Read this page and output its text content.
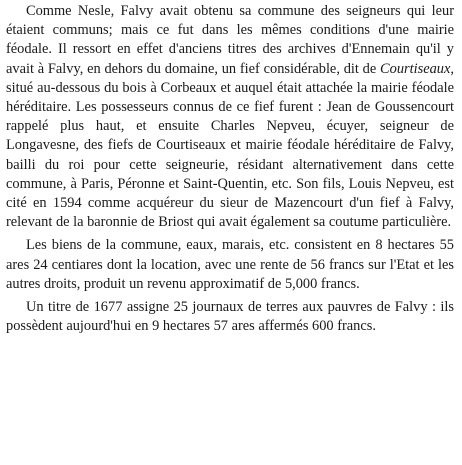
Comme Nesle, Falvy avait obtenu sa commune des seigneurs qui leur étaient communs; mais ce fut dans les mêmes conditions d'une mairie féodale. Il ressort en effet d'anciens titres des archives d'Ennemain qu'il y avait à Falvy, en dehors du domaine, un fief considérable, dit de Courtiseaux, situé au-dessous du bois à Corbeaux et auquel était attachée la mairie féodale héréditaire. Les possesseurs connus de ce fief furent : Jean de Goussencourt rappelé plus haut, et ensuite Charles Nepveu, écuyer, seigneur de Longavesne, des fiefs de Courtiseaux et mairie féodale héréditaire de Falvy, bailli du roi pour cette seigneurie, résidant alternativement dans cette commune, à Paris, Péronne et Saint-Quentin, etc. Son fils, Louis Nepveu, est cité en 1594 comme acquéreur du sieur de Mazencourt d'un fief à Falvy, relevant de la baronnie de Briost qui avait également sa coutume particulière.

Les biens de la commune, eaux, marais, etc. consistent en 8 hectares 55 ares 24 centiares dont la location, avec une rente de 56 francs sur l'Etat et les autres droits, produit un revenu approximatif de 5,000 francs.

Un titre de 1677 assigne 25 journaux de terres aux pauvres de Falvy : ils possèdent aujourd'hui en 9 hectares 57 ares affermés 600 francs.
